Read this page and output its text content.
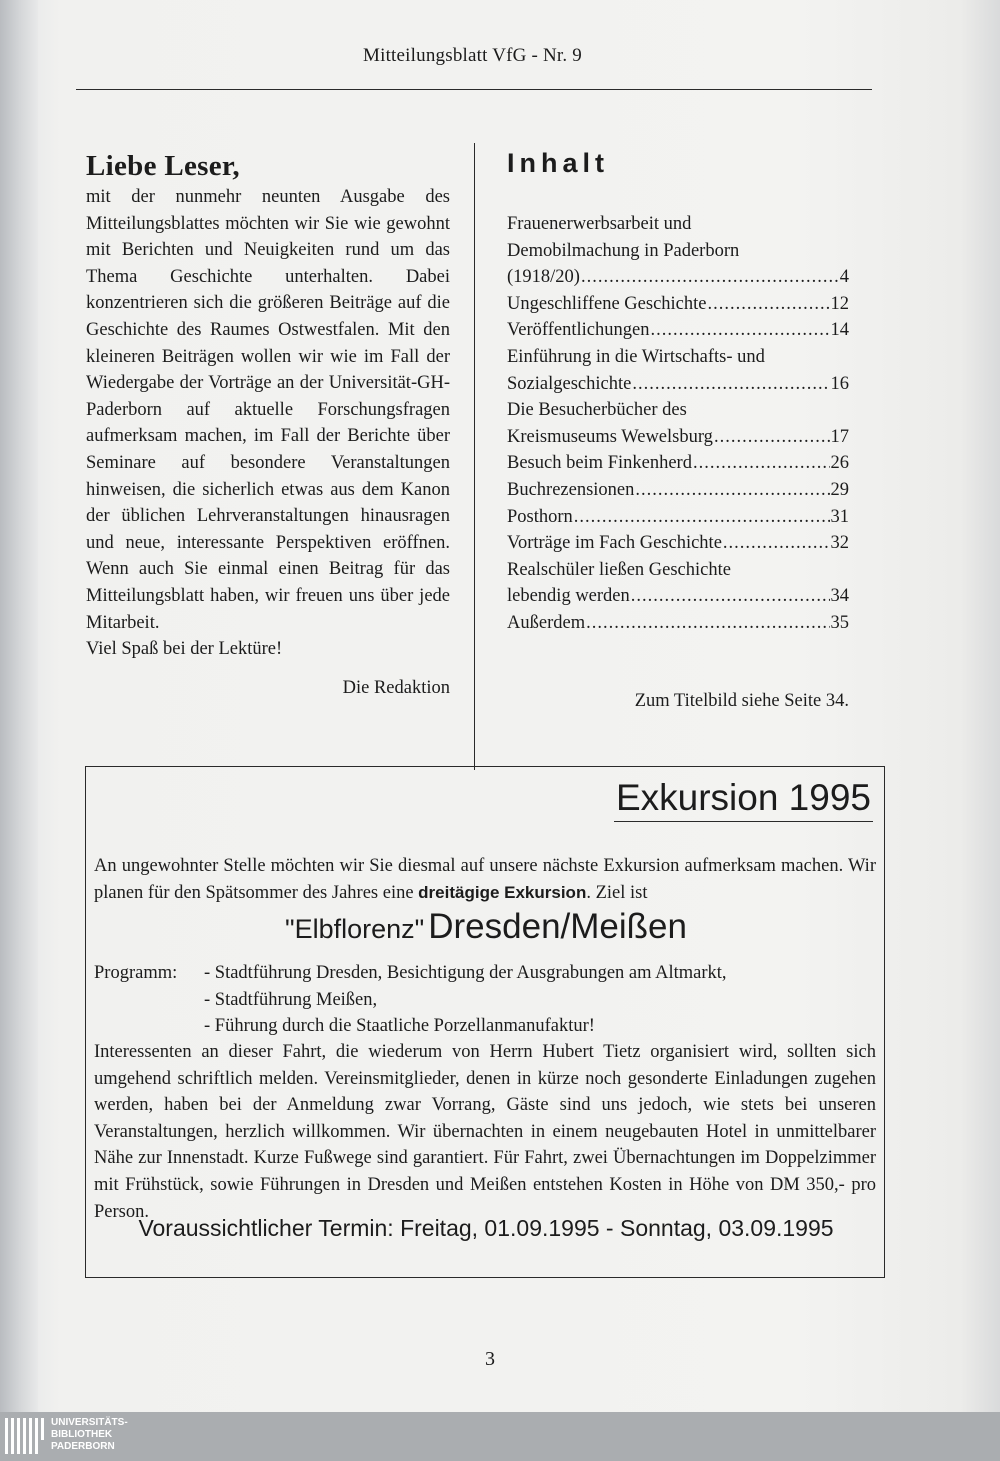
Mitteilungsblatt VfG - Nr. 9
Liebe Leser,

mit der nunmehr neunten Ausgabe des Mitteilungsblattes möchten wir Sie wie gewohnt mit Berichten und Neuigkeiten rund um das Thema Geschichte unterhalten. Dabei konzentrieren sich die größeren Beiträge auf die Geschichte des Raumes Ostwestfalen. Mit den kleineren Beiträgen wollen wir wie im Fall der Wiedergabe der Vorträge an der Universität-GH-Paderborn auf aktuelle Forschungsfragen aufmerksam machen, im Fall der Berichte über Seminare auf besondere Veranstaltungen hinweisen, die sicherlich etwas aus dem Kanon der üblichen Lehrveranstaltungen hinausragen und neue, interessante Perspektiven eröffnen. Wenn auch Sie einmal einen Beitrag für das Mitteilungsblatt haben, wir freuen uns über jede Mitarbeit.

Viel Spaß bei der Lektüre!

Die Redaktion
Inhalt
Frauenerwerbsarbeit und
Demobilmachung in Paderborn
(1918/20) .....	4
Ungeschliffene Geschichte .....	12
Veröffentlichungen .....	14
Einführung in die Wirtschafts- und
Sozialgeschichte .....	16
Die Besucherbücher des
Kreismuseums Wewelsburg .....	17
Besuch beim Finkenherd .....	26
Buchrezensionen .....	29
Posthorn .....	31
Vorträge im Fach Geschichte .....	32
Realschüler ließen Geschichte
lebendig werden .....	34
Außerdem .....	35
Zum Titelbild siehe Seite 34.
Exkursion 1995
An ungewohnter Stelle möchten wir Sie diesmal auf unsere nächste Exkursion aufmerksam machen. Wir planen für den Spätsommer des Jahres eine dreitägige Exkursion. Ziel ist
"Elbflorenz" Dresden/Meißen
Programm:	- Stadtführung Dresden, Besichtigung der Ausgrabungen am Altmarkt,
- Stadtführung Meißen,
- Führung durch die Staatliche Porzellanmanufaktur!
Interessenten an dieser Fahrt, die wiederum von Herrn Hubert Tietz organisiert wird, sollten sich umgehend schriftlich melden. Vereinsmitglieder, denen in kürze noch gesonderte Einladungen zugehen werden, haben bei der Anmeldung zwar Vorrang, Gäste sind uns jedoch, wie stets bei unseren Veranstaltungen, herzlich willkommen. Wir übernachten in einem neugebauten Hotel in unmittelbarer Nähe zur Innenstadt. Kurze Fußwege sind garantiert. Für Fahrt, zwei Übernachtungen im Doppelzimmer mit Frühstück, sowie Führungen in Dresden und Meißen entstehen Kosten in Höhe von DM 350,- pro Person.
Voraussichtlicher Termin: Freitag, 01.09.1995 - Sonntag, 03.09.1995
3
UNIVERSITÄTS-
BIBLIOTHEK
PADERBORN
